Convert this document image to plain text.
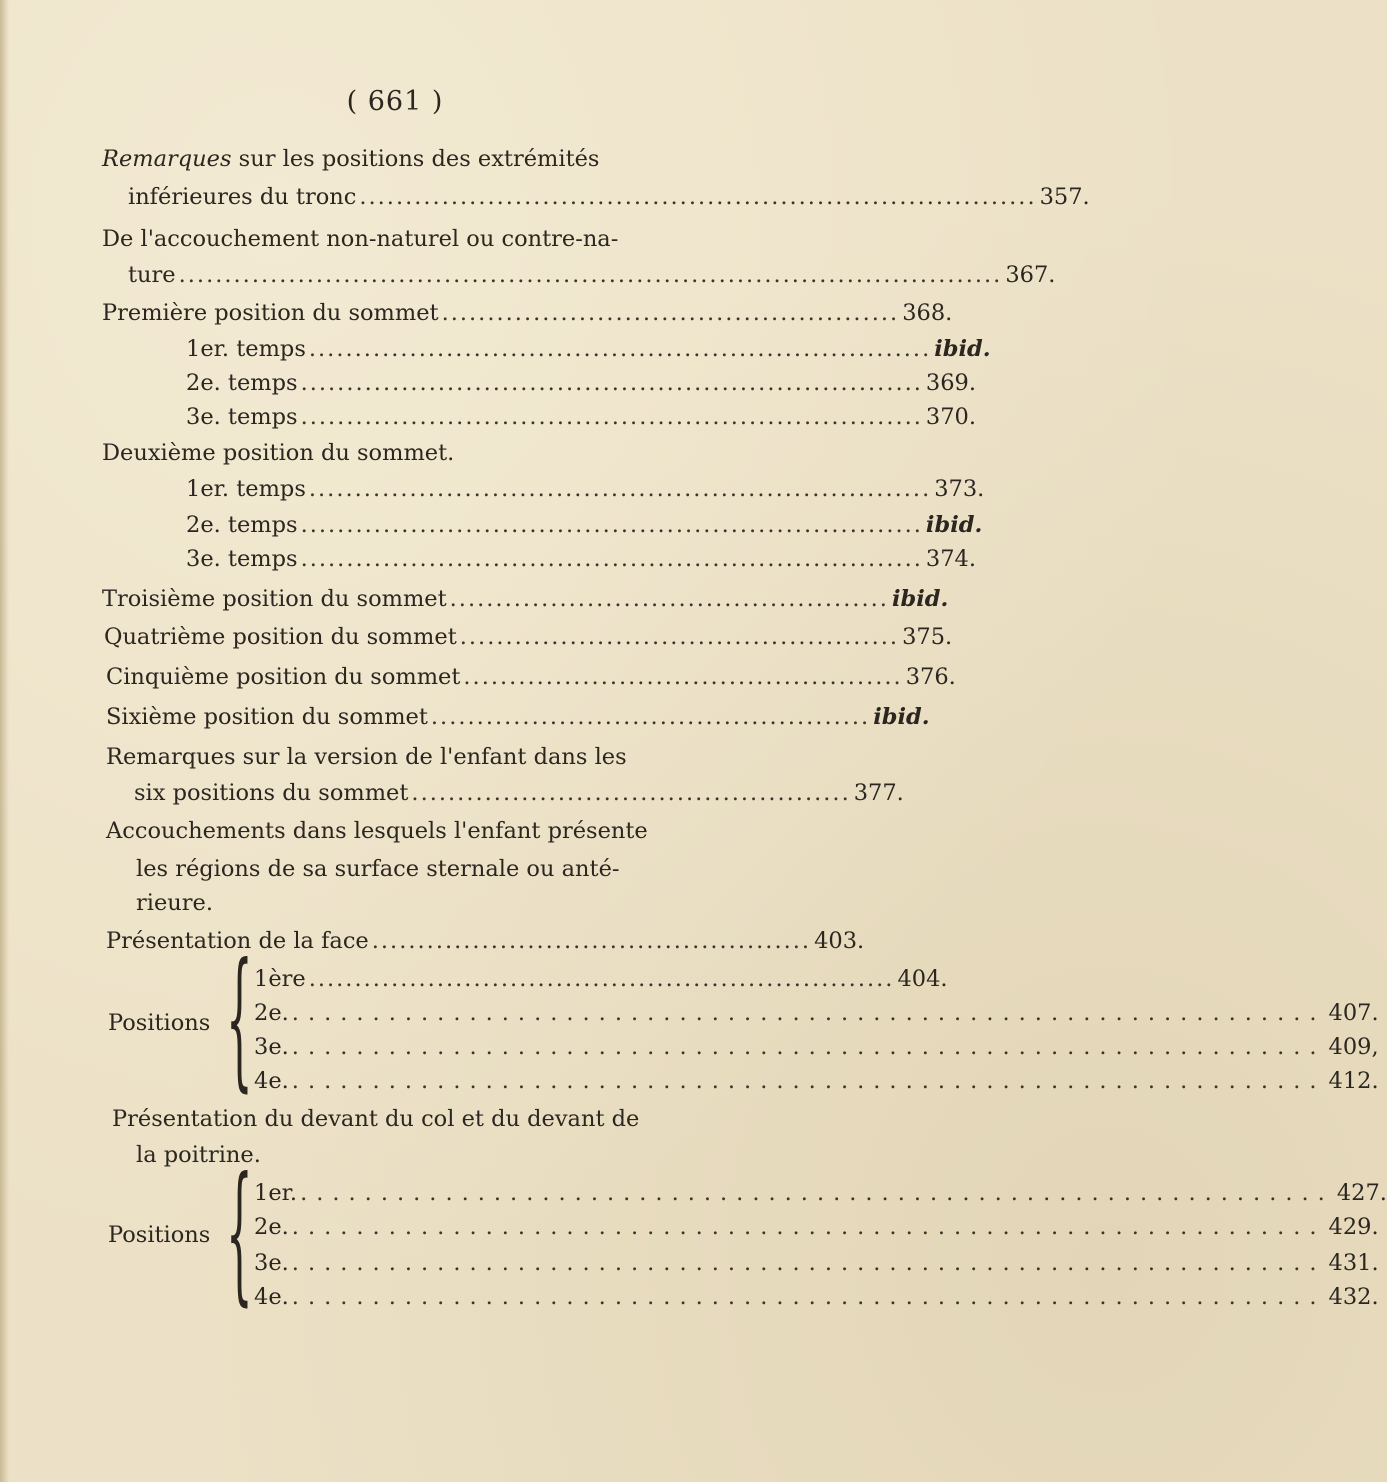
( 661 )
Remarques sur les positions des extrémités
inférieures du tronc .......................................................................... 357.
De l'accouchement non-naturel ou contre-na-
ture .......................................................................................... 367.
Première position du sommet .................................................. 368.
1er. temps .................................................................... ibid.
2e. temps .................................................................... 369.
3e. temps .................................................................... 370.
Deuxième position du sommet.
1er. temps .................................................................... 373.
2e. temps .................................................................... ibid.
3e. temps .................................................................... 374.
Troisième position du sommet ................................................ ibid.
Quatrième position du sommet ................................................ 375.
Cinquième position du sommet ................................................ 376.
Sixième position du sommet ................................................ ibid.
Remarques sur la version de l'enfant dans les
six positions du sommet ................................................ 377.
Accouchements dans lesquels l'enfant présente
les régions de sa surface sternale ou anté-
rieure.
Présentation de la face ................................................ 403.
Positions { 1ère ................................................................ 404.
2e. ................................................................ 407.
3e. ................................................................ 409,
4e. ................................................................ 412.
Présentation du devant du col et du devant de
la poitrine.
Positions { 1er. ................................................................ 427.
2e. ................................................................ 429.
3e. ................................................................ 431.
4e. ................................................................ 432.
